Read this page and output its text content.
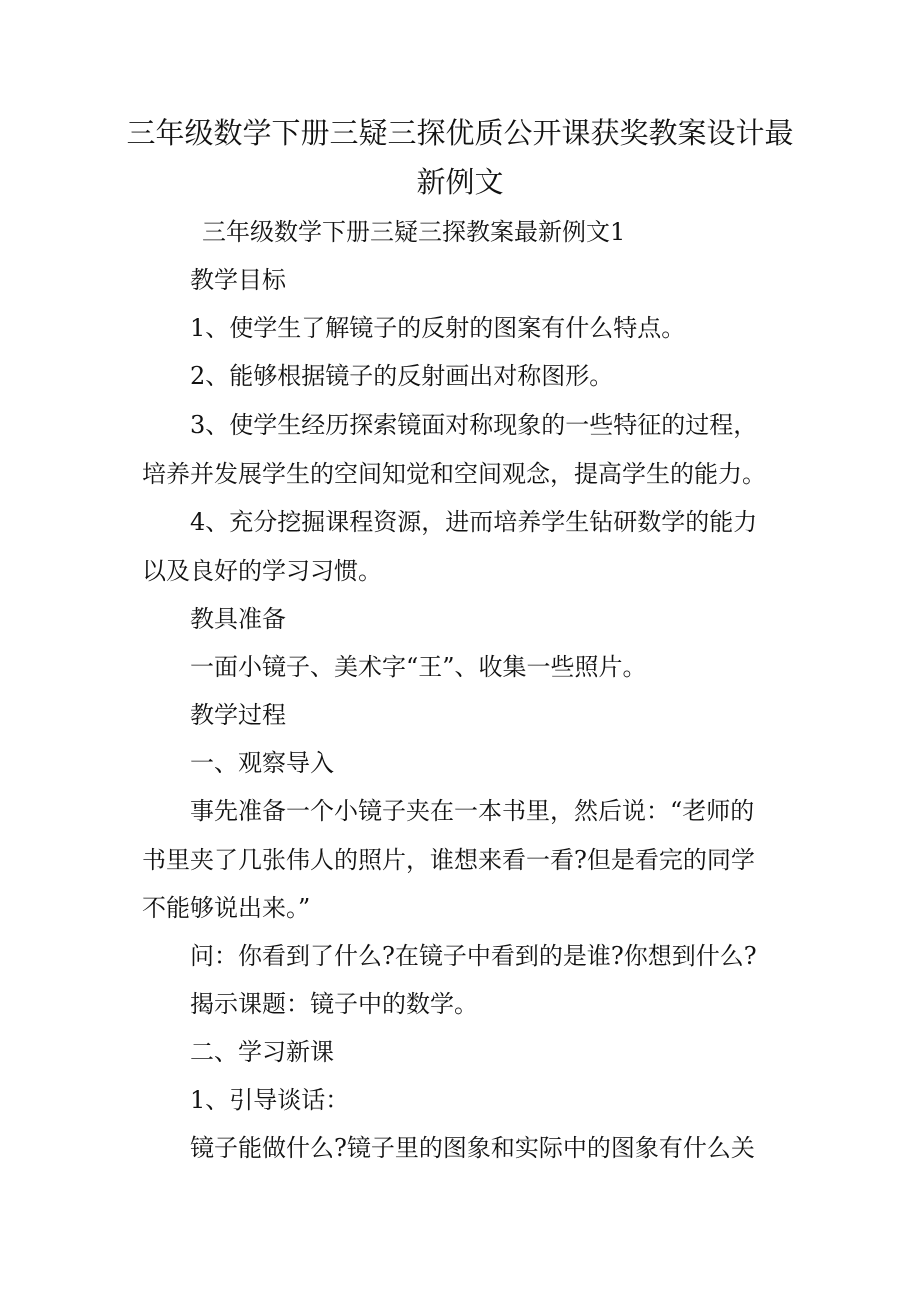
三年级数学下册三疑三探优质公开课获奖教案设计最
新例文
三年级数学下册三疑三探教案最新例文1
教学目标
1、使学生了解镜子的反射的图案有什么特点。
2、能够根据镜子的反射画出对称图形。
3、使学生经历探索镜面对称现象的一些特征的过程，
培养并发展学生的空间知觉和空间观念，提高学生的能力。
4、充分挖掘课程资源，进而培养学生钻研数学的能力
以及良好的学习习惯。
教具准备
一面小镜子、美术字“王”、收集一些照片。
教学过程
一、观察导入
事先准备一个小镜子夹在一本书里，然后说：“老师的
书里夹了几张伟人的照片，谁想来看一看?但是看完的同学
不能够说出来。”
问：你看到了什么?在镜子中看到的是谁?你想到什么?
揭示课题：镜子中的数学。
二、学习新课
1、引导谈话：
镜子能做什么?镜子里的图象和实际中的图象有什么关
